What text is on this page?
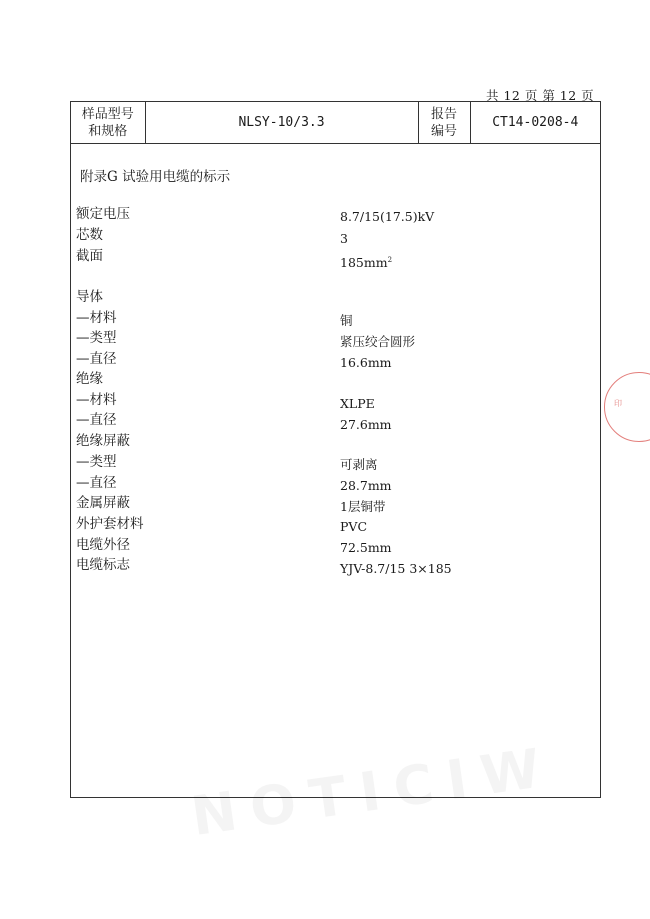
共 12 页 第 12 页
样品型号
和规格	NLSY-10/3.3	报告
编号	CT14-0208-4
附录G 试验用电缆的标示
额定电压	8.7/15(17.5)kV
芯数	3
截面	$185mm^2$
导体
—材料	铜
—类型	紧压绞合圆形
—直径	16.6mm
绝缘
—材料	XLPE
—直径	27.6mm
绝缘屏蔽
—类型	可剥离
—直径	28.7mm
金属屏蔽	1层铜带
外护套材料	PVC
电缆外径	72.5mm
电缆标志	YJV-8.7/15 3×185
印
